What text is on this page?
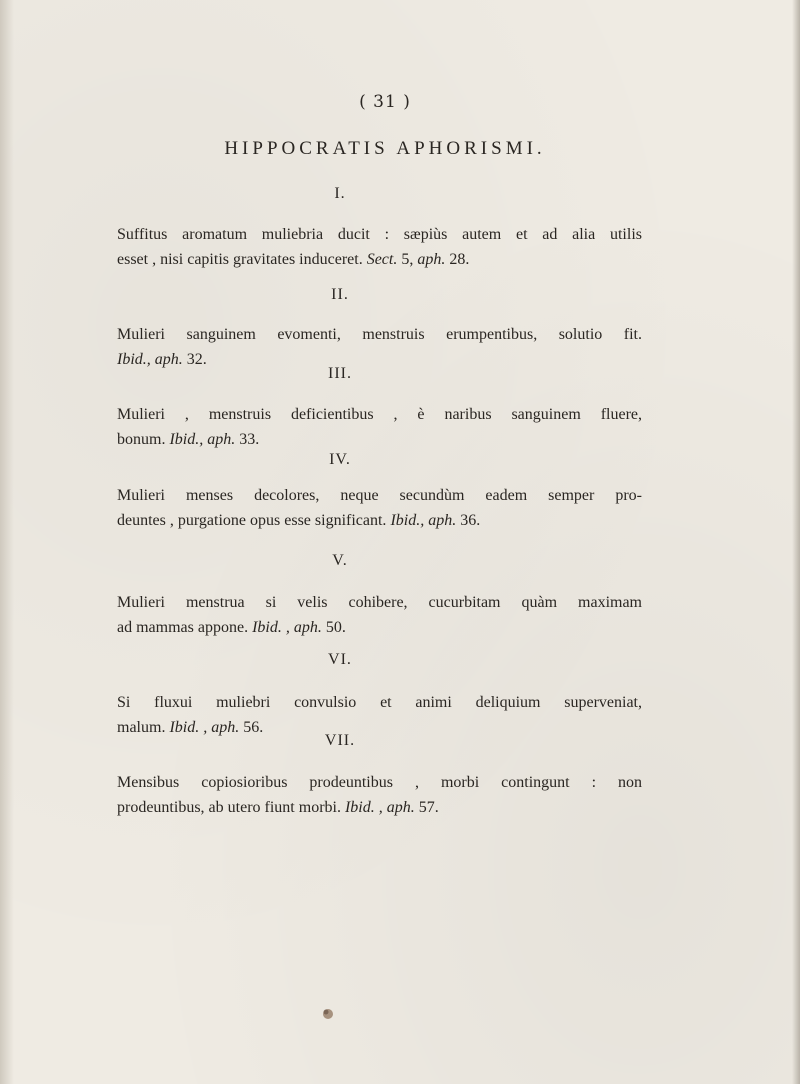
( 31 )
HIPPOCRATIS APHORISMI.
I.
Suffitus aromatum muliebria ducit : sæpiùs autem et ad alia utilis
esset , nisi capitis gravitates induceret. Sect. 5, aph. 28.
II.
Mulieri sanguinem evomenti, menstruis erumpentibus, solutio fit.
Ibid., aph. 32.
III.
Mulieri , menstruis deficientibus , è naribus sanguinem fluere,
bonum. Ibid., aph. 33.
IV.
Mulieri menses decolores, neque secundùm eadem semper pro-
deuntes , purgatione opus esse significant. Ibid., aph. 36.
V.
Mulieri menstrua si velis cohibere, cucurbitam quàm maximam
ad mammas appone. Ibid. , aph. 50.
VI.
Si fluxui muliebri convulsio et animi deliquium superveniat,
malum. Ibid. , aph. 56.
VII.
Mensibus copiosioribus prodeuntibus , morbi contingunt : non
prodeuntibus, ab utero fiunt morbi. Ibid. , aph. 57.
